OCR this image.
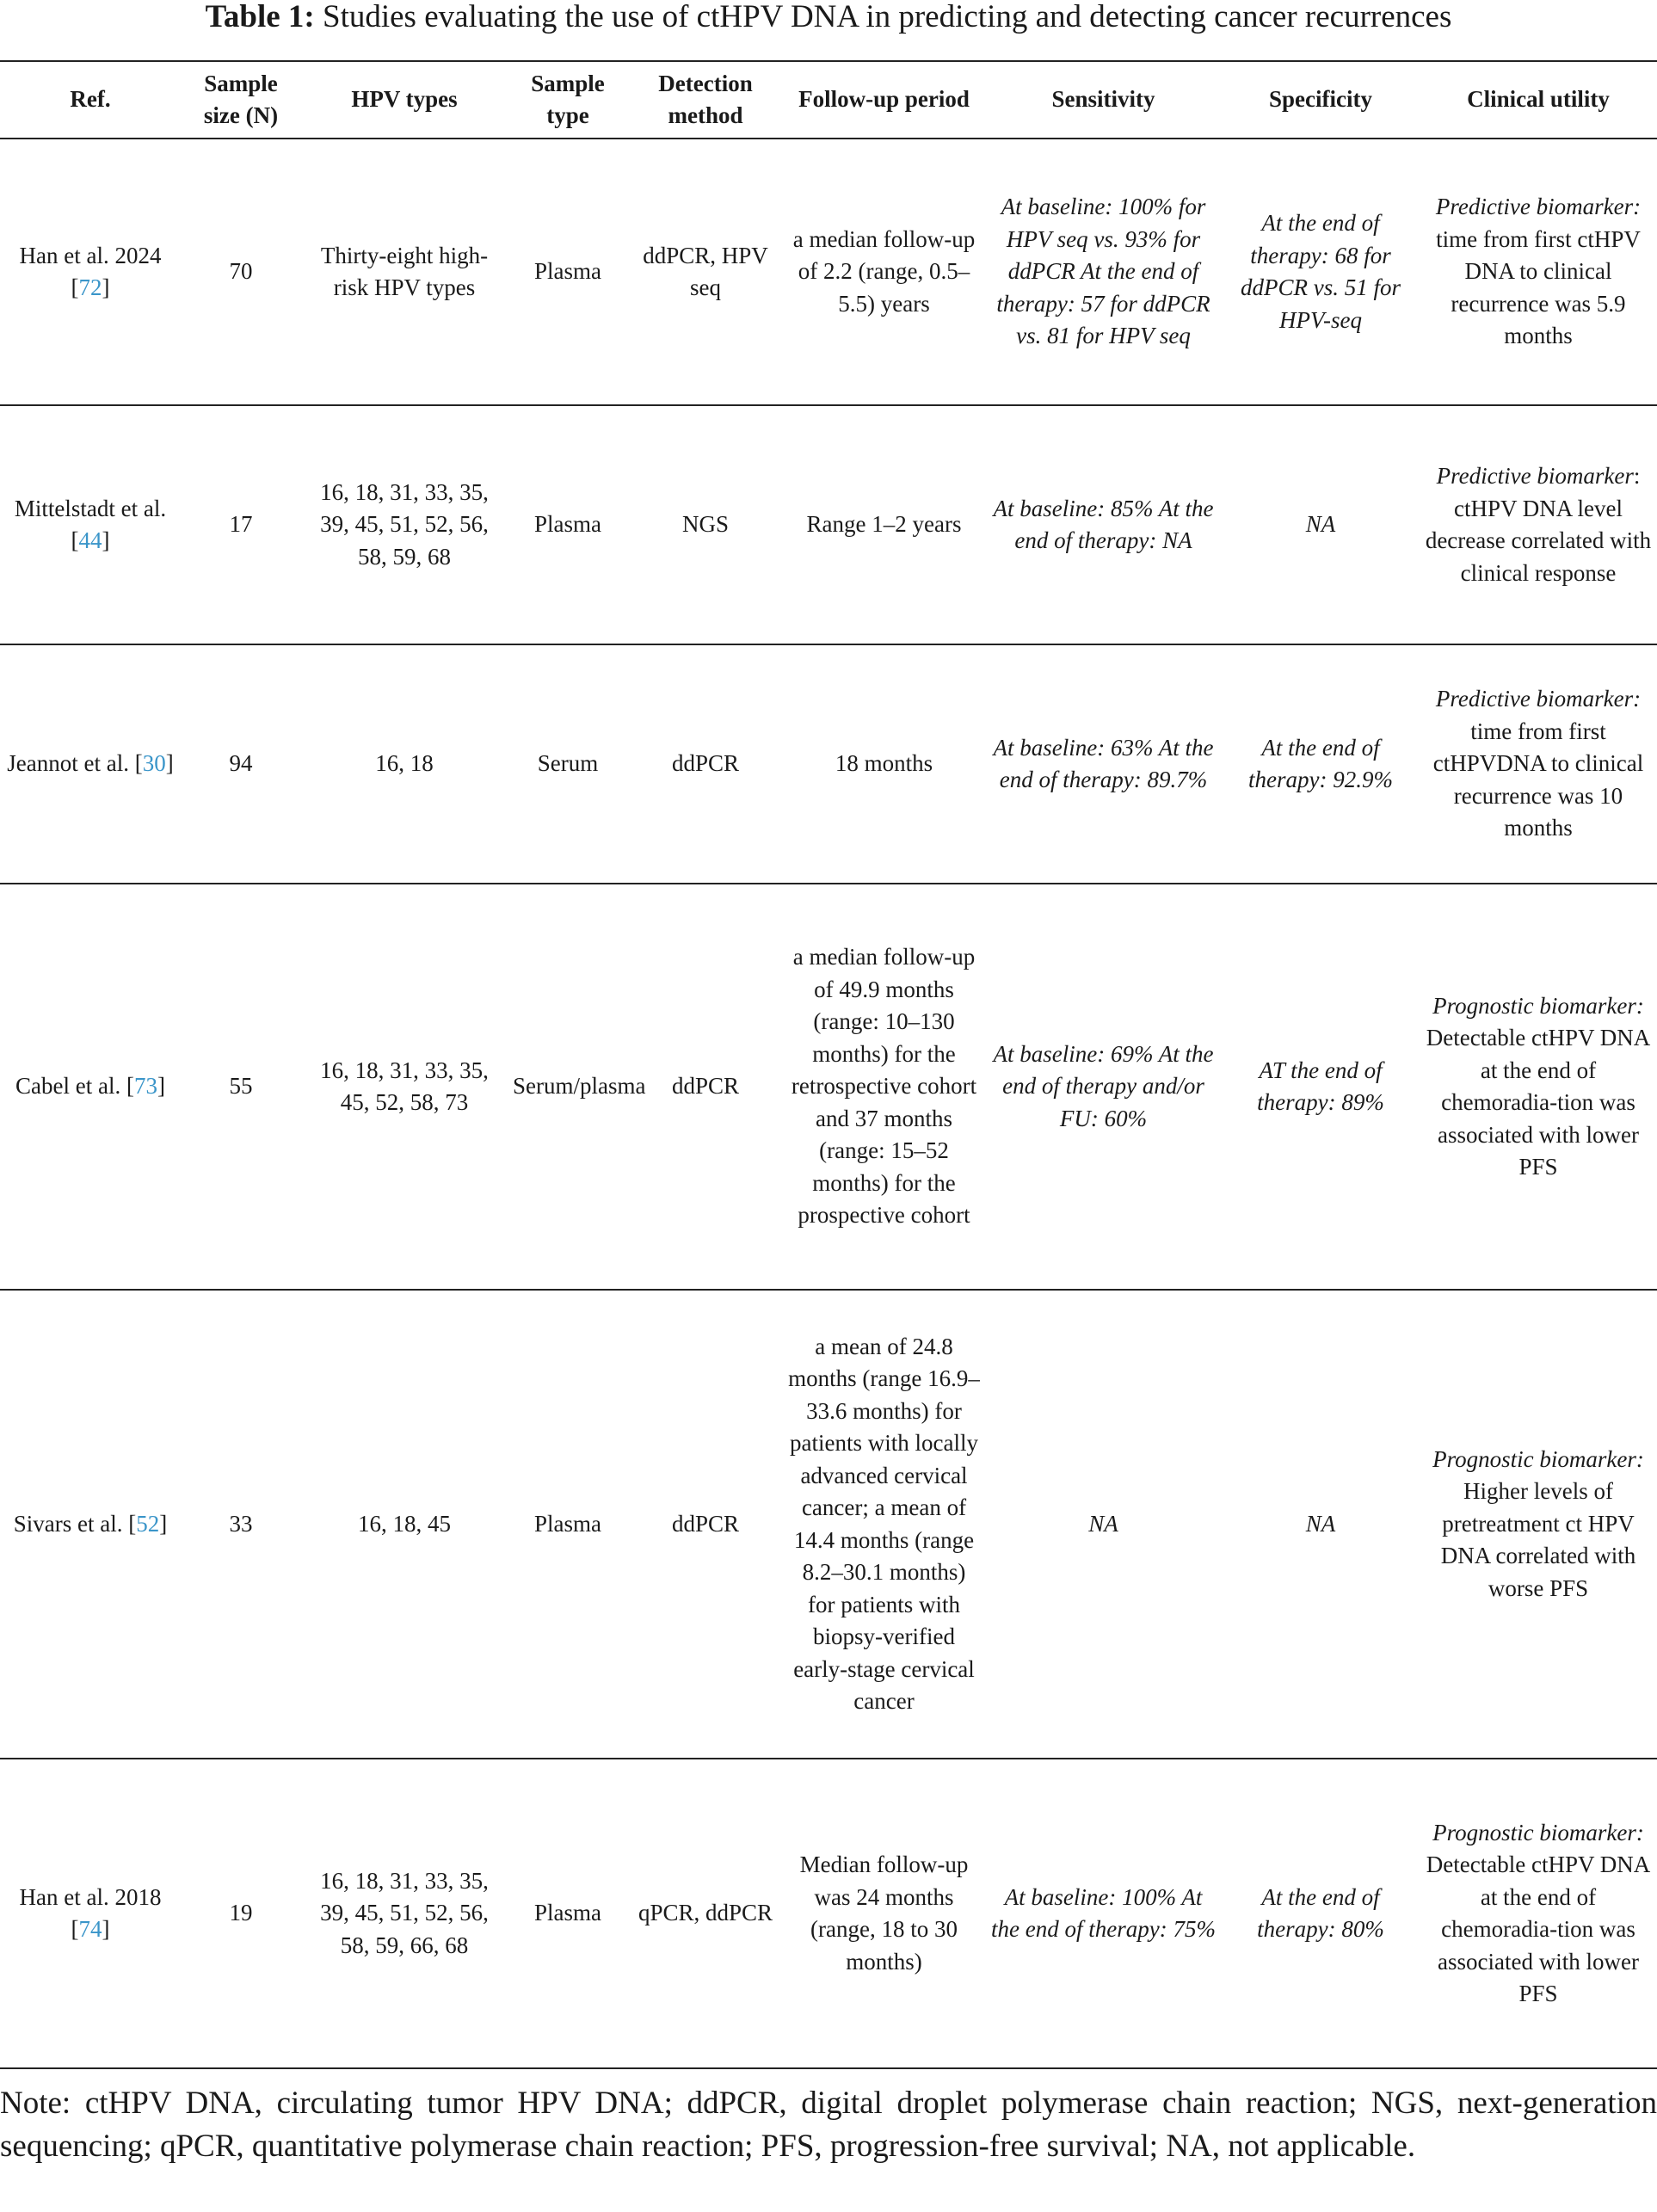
Table 1: Studies evaluating the use of ctHPV DNA in predicting and detecting cancer recurrences
Ref.	Sample size (N)	HPV types	Sample type	Detection method	Follow-up period	Sensitivity	Specificity	Clinical utility
Han et al. 2024 [72]	70	Thirty-eight high-risk HPV types	Plasma	ddPCR, HPV seq	a median follow-up of 2.2 (range, 0.5–5.5) years	At baseline: 100% for HPV seq vs. 93% for ddPCR At the end of therapy: 57 for ddPCR vs. 81 for HPV seq	At the end of therapy: 68 for ddPCR vs. 51 for HPV-seq	Predictive biomarker: time from first ctHPV DNA to clinical recurrence was 5.9 months
Mittelstadt et al. [44]	17	16, 18, 31, 33, 35, 39, 45, 51, 52, 56, 58, 59, 68	Plasma	NGS	Range 1–2 years	At baseline: 85% At the end of therapy: NA	NA	Predictive biomarker: ctHPV DNA level decrease correlated with clinical response
Jeannot et al. [30]	94	16, 18	Serum	ddPCR	18 months	At baseline: 63% At the end of therapy: 89.7%	At the end of therapy: 92.9%	Predictive biomarker: time from first ctHPVDNA to clinical recurrence was 10 months
Cabel et al. [73]	55	16, 18, 31, 33, 35, 45, 52, 58, 73	Serum/plasma	ddPCR	a median follow-up of 49.9 months (range: 10–130 months) for the retrospective cohort and 37 months (range: 15–52 months) for the prospective cohort	At baseline: 69% At the end of therapy and/or FU: 60%	AT the end of therapy: 89%	Prognostic biomarker: Detectable ctHPV DNA at the end of chemoradia-tion was associated with lower PFS
Sivars et al. [52]	33	16, 18, 45	Plasma	ddPCR	a mean of 24.8 months (range 16.9–33.6 months) for patients with locally advanced cervical cancer; a mean of 14.4 months (range 8.2–30.1 months) for patients with biopsy-verified early-stage cervical cancer	NA	NA	Prognostic biomarker: Higher levels of pretreatment ct HPV DNA correlated with worse PFS
Han et al. 2018 [74]	19	16, 18, 31, 33, 35, 39, 45, 51, 52, 56, 58, 59, 66, 68	Plasma	qPCR, ddPCR	Median follow-up was 24 months (range, 18 to 30 months)	At baseline: 100% At the end of therapy: 75%	At the end of therapy: 80%	Prognostic biomarker: Detectable ctHPV DNA at the end of chemoradia-tion was associated with lower PFS
Note: ctHPV DNA, circulating tumor HPV DNA; ddPCR, digital droplet polymerase chain reaction; NGS, next-generation sequencing; qPCR, quantitative polymerase chain reaction; PFS, progression-free survival; NA, not applicable.
